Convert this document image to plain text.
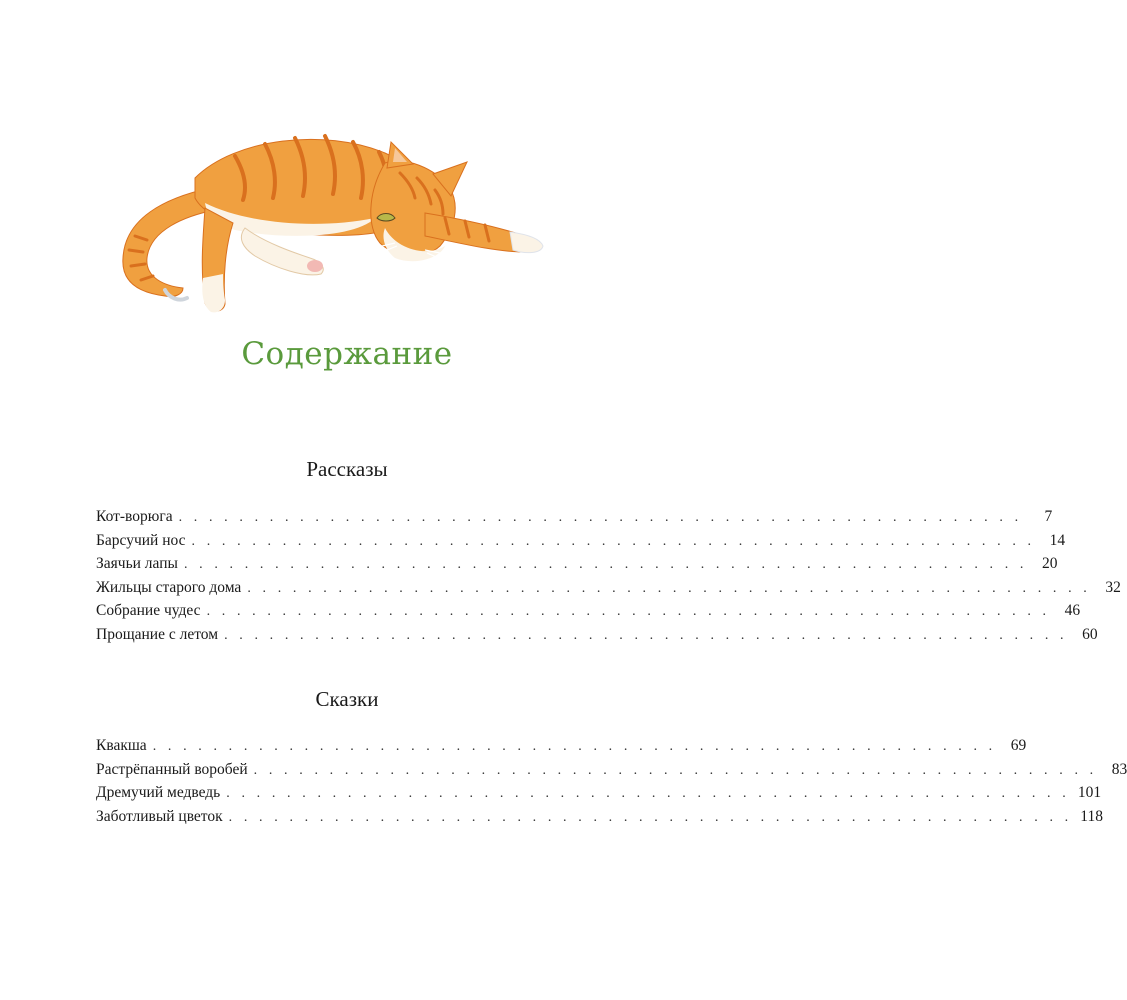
Содержание
Рассказы
Кот-ворюга . . . . . . . . . . . . . . . . . . . . . . . . . . . . . . . . . . . . . . . . . . . . . . . . . . . . . . . .	7
Барсучий нос . . . . . . . . . . . . . . . . . . . . . . . . . . . . . . . . . . . . . . . . . . . . . . . . . . . . . . . . 14
Заячьи лапы . . . . . . . . . . . . . . . . . . . . . . . . . . . . . . . . . . . . . . . . . . . . . . . . . . . . . . . . 20
Жильцы старого дома . . . . . . . . . . . . . . . . . . . . . . . . . . . . . . . . . . . . . . . . . . . . . . . . . . . . . . . . 32
Собрание чудес . . . . . . . . . . . . . . . . . . . . . . . . . . . . . . . . . . . . . . . . . . . . . . . . . . . . . . . . 46
Прощание с летом . . . . . . . . . . . . . . . . . . . . . . . . . . . . . . . . . . . . . . . . . . . . . . . . . . . . . . . . 60
Сказки
Квакша . . . . . . . . . . . . . . . . . . . . . . . . . . . . . . . . . . . . . . . . . . . . . . . . . . . . . . . . 69
Растрёпанный воробей . . . . . . . . . . . . . . . . . . . . . . . . . . . . . . . . . . . . . . . . . . . . . . . . . . . . . . . . 83
Дремучий медведь . . . . . . . . . . . . . . . . . . . . . . . . . . . . . . . . . . . . . . . . . . . . . . . . . . . . . . . . 101
Заботливый цветок . . . . . . . . . . . . . . . . . . . . . . . . . . . . . . . . . . . . . . . . . . . . . . . . . . . . . . . . 118
